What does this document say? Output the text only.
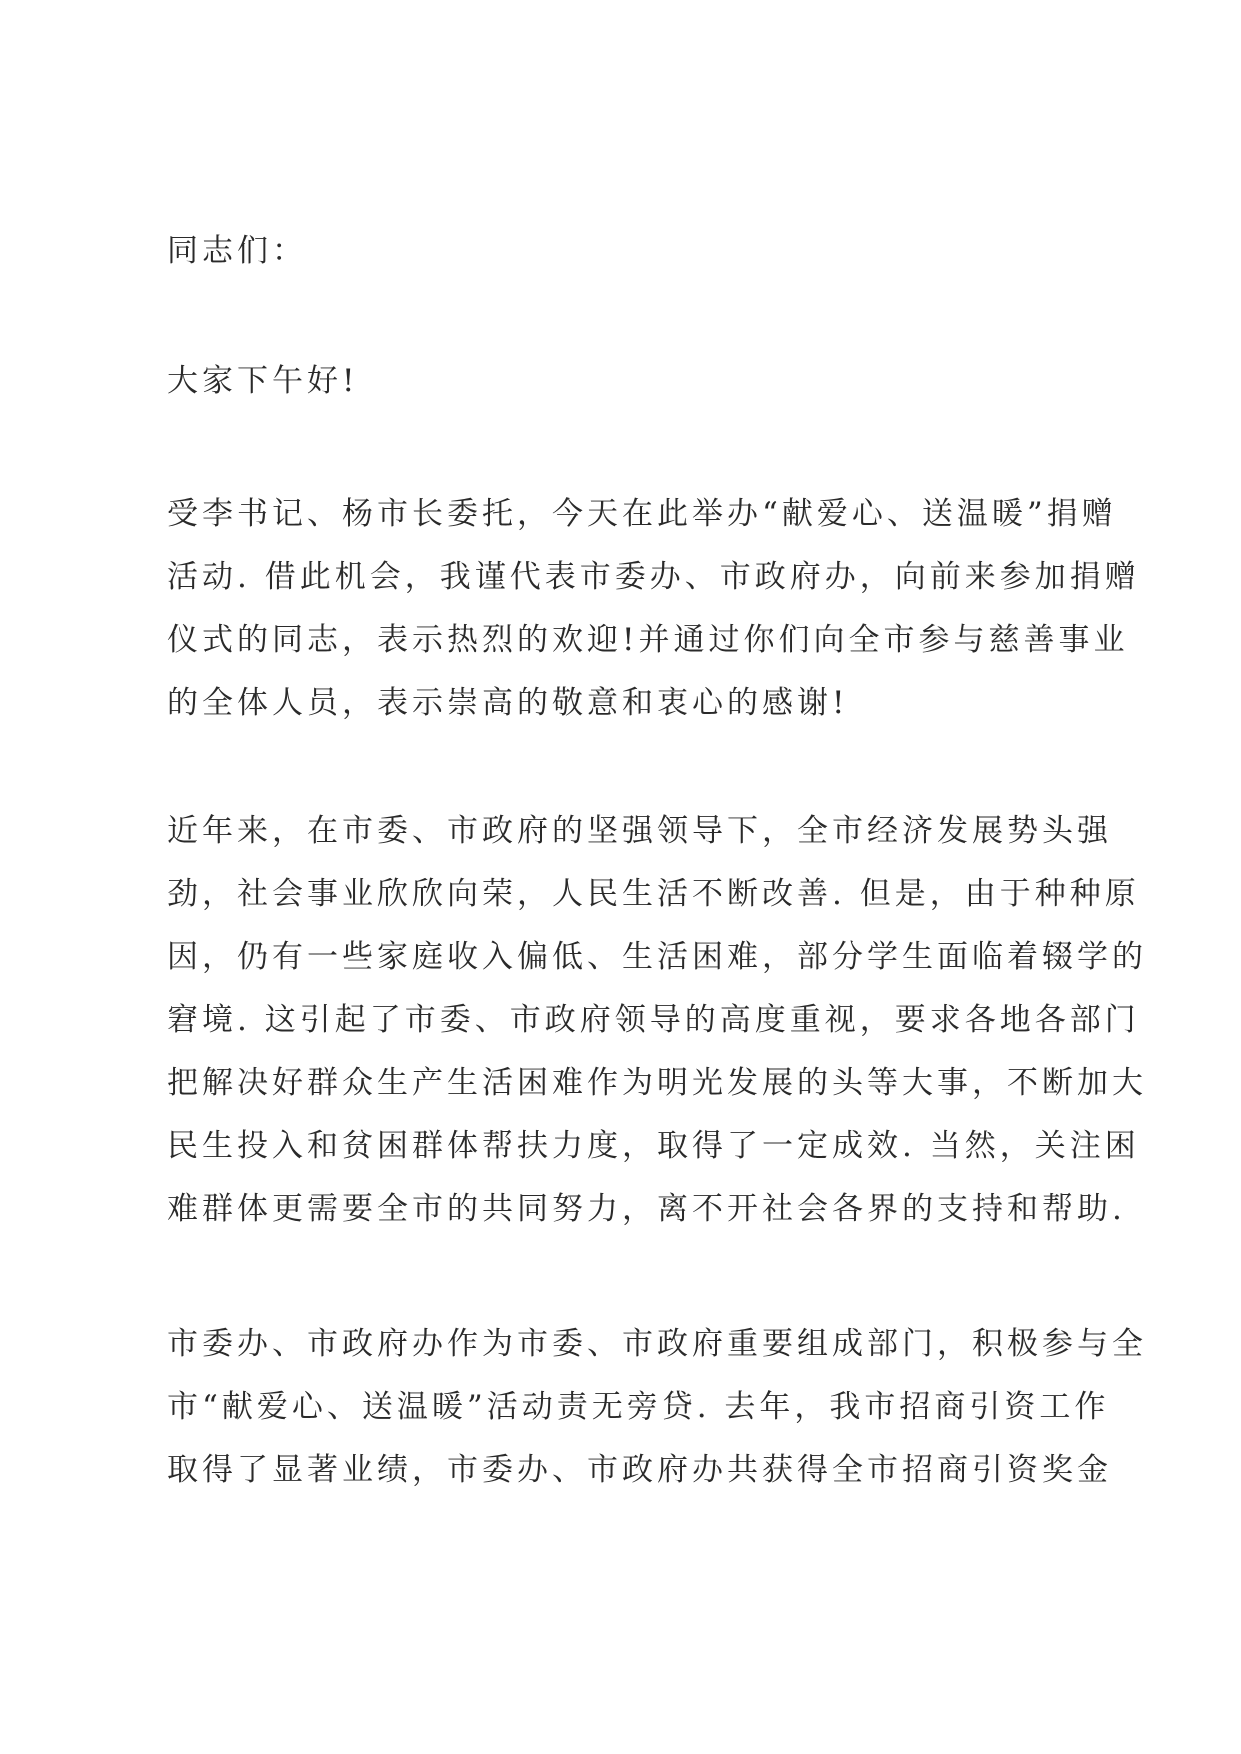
同志们：

大家下午好!

受李书记、杨市长委托，今天在此举办“献爱心、送温暖”捐赠
活动. 借此机会，我谨代表市委办、市政府办，向前来参加捐赠
仪式的同志，表示热烈的欢迎!并通过你们向全市参与慈善事业
的全体人员，表示崇高的敬意和衷心的感谢!

近年来，在市委、市政府的坚强领导下，全市经济发展势头强
劲，社会事业欣欣向荣，人民生活不断改善. 但是，由于种种原
因，仍有一些家庭收入偏低、生活困难，部分学生面临着辍学的
窘境. 这引起了市委、市政府领导的高度重视，要求各地各部门
把解决好群众生产生活困难作为明光发展的头等大事，不断加大
民生投入和贫困群体帮扶力度，取得了一定成效. 当然，关注困
难群体更需要全市的共同努力，离不开社会各界的支持和帮助.

市委办、市政府办作为市委、市政府重要组成部门，积极参与全
市“献爱心、送温暖”活动责无旁贷. 去年，我市招商引资工作
取得了显著业绩，市委办、市政府办共获得全市招商引资奖金
